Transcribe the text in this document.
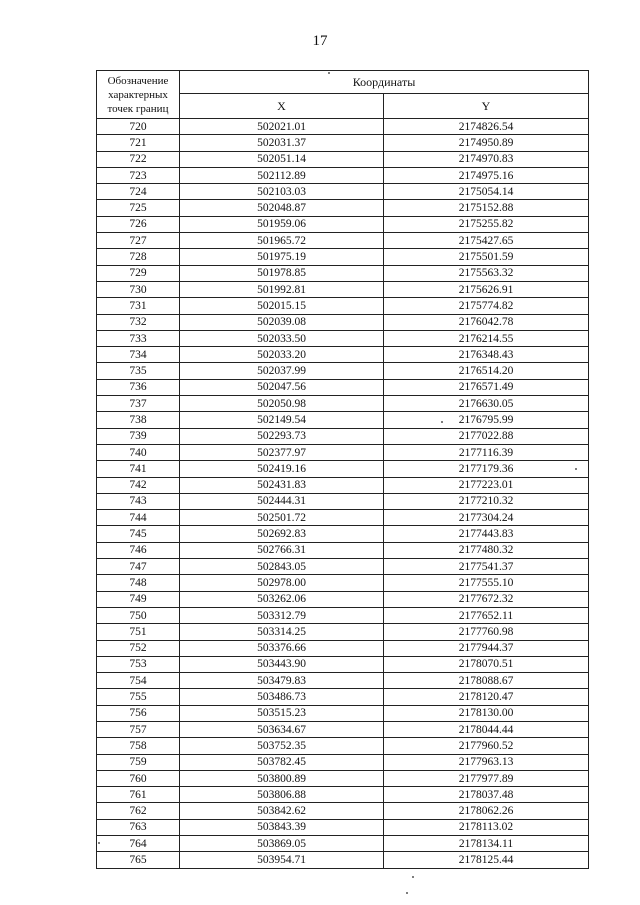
17
Обозначение характерных точек границ	Координаты	
	X	Y
720	502021.01	2174826.54
721	502031.37	2174950.89
722	502051.14	2174970.83
723	502112.89	2174975.16
724	502103.03	2175054.14
725	502048.87	2175152.88
726	501959.06	2175255.82
727	501965.72	2175427.65
728	501975.19	2175501.59
729	501978.85	2175563.32
730	501992.81	2175626.91
731	502015.15	2175774.82
732	502039.08	2176042.78
733	502033.50	2176214.55
734	502033.20	2176348.43
735	502037.99	2176514.20
736	502047.56	2176571.49
737	502050.98	2176630.05
738	502149.54	2176795.99
739	502293.73	2177022.88
740	502377.97	2177116.39
741	502419.16	2177179.36
742	502431.83	2177223.01
743	502444.31	2177210.32
744	502501.72	2177304.24
745	502692.83	2177443.83
746	502766.31	2177480.32
747	502843.05	2177541.37
748	502978.00	2177555.10
749	503262.06	2177672.32
750	503312.79	2177652.11
751	503314.25	2177760.98
752	503376.66	2177944.37
753	503443.90	2178070.51
754	503479.83	2178088.67
755	503486.73	2178120.47
756	503515.23	2178130.00
757	503634.67	2178044.44
758	503752.35	2177960.52
759	503782.45	2177963.13
760	503800.89	2177977.89
761	503806.88	2178037.48
762	503842.62	2178062.26
763	503843.39	2178113.02
764	503869.05	2178134.11
765	503954.71	2178125.44
